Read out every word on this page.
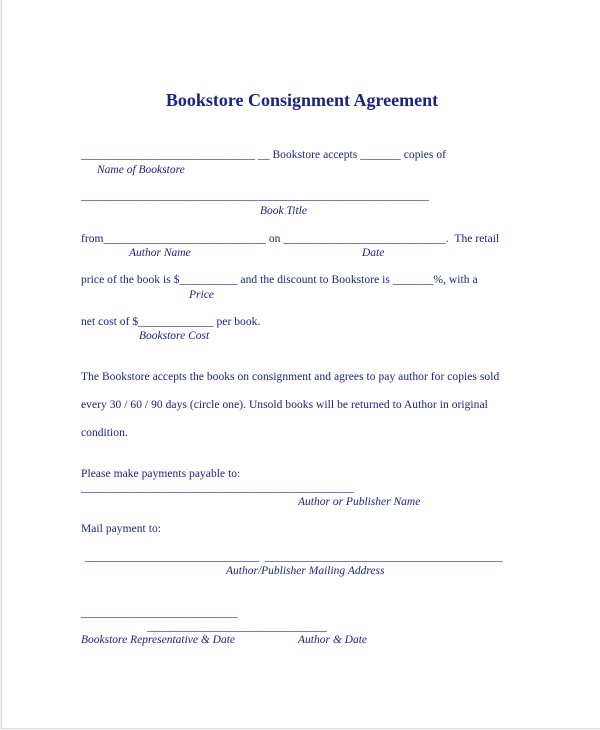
Bookstore Consignment Agreement
______________________________ __ Bookstore accepts _______ copies of
Name of Bookstore
____________________________________________________________
Book Title
from____________________________ on ____________________________.  The retail
Author Name	Date
price of the book is $__________ and the discount to Bookstore is _______%, with a
Price
net cost of $_____________ per book.
Bookstore Cost
The Bookstore accepts the books on consignment and agrees to pay author for copies sold
every 30 / 60 / 90 days (circle one). Unsold books will be returned to Author in original
condition.
Please make payments payable to:
_______________________________________________
Author or Publisher Name
Mail payment to:
______________________________  _________________________________________
Author/Publisher Mailing Address
___________________________
_______________________________
Bookstore Representative & Date	Author & Date
